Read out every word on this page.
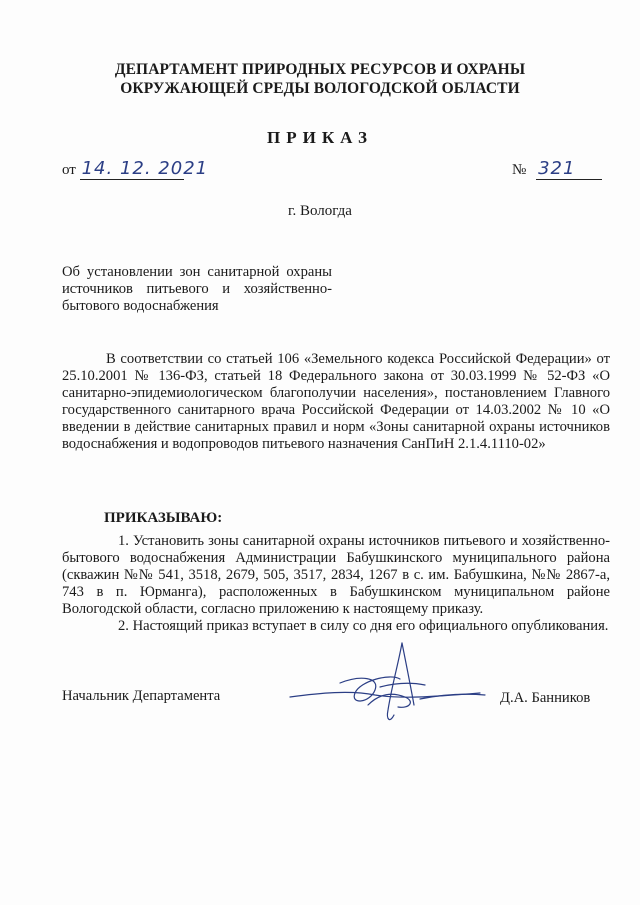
ДЕПАРТАМЕНТ ПРИРОДНЫХ РЕСУРСОВ И ОХРАНЫ
ОКРУЖАЮЩЕЙ СРЕДЫ ВОЛОГОДСКОЙ ОБЛАСТИ
ПРИКАЗ
от 14. 12. 2021	№ 321
г. Вологда
Об установлении зон санитарной охраны источников питьевого и хозяйственно-бытового водоснабжения
В соответствии со статьей 106 «Земельного кодекса Российской Федерации» от 25.10.2001 № 136-ФЗ, статьей 18 Федерального закона от 30.03.1999 № 52-ФЗ «О санитарно-эпидемиологическом благополучии населения», постановлением Главного государственного санитарного врача Российской Федерации от 14.03.2002 № 10 «О введении в действие санитарных правил и норм «Зоны санитарной охраны источников водоснабжения и водопроводов питьевого назначения СанПиН 2.1.4.1110-02»
ПРИКАЗЫВАЮ:

1. Установить зоны санитарной охраны источников питьевого и хозяйственно-бытового водоснабжения Администрации Бабушкинского муниципального района (скважин №№ 541, 3518, 2679, 505, 3517, 2834, 1267 в с. им. Бабушкина, №№ 2867-а, 743 в п. Юрманга), расположенных в Бабушкинском муниципальном районе Вологодской области, согласно приложению к настоящему приказу.

2. Настоящий приказ вступает в силу со дня его официального опубликования.

Начальник Департамента	Д.А. Банников
